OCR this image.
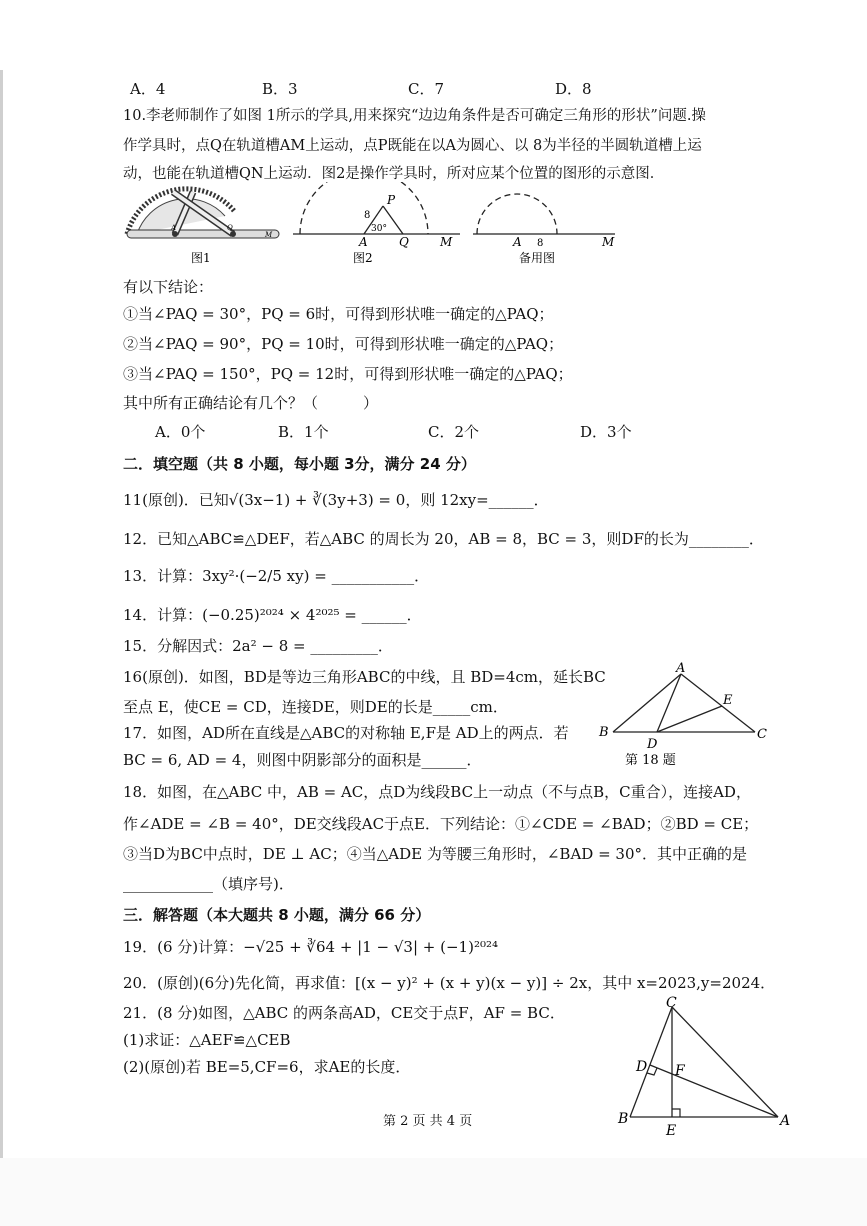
A．4	B．3	C．7	D．8
10.李老师制作了如图 1所示的学具,用来探究“边边角条件是否可确定三角形的形状”问题.操
作学具时，点Q在轨道槽AM上运动，点P既能在以A为圆心、以 8为半径的半圆轨道槽上运
动，也能在轨道槽QN上运动．图2是操作学具时，所对应某个位置的图形的示意图．
A	Q
M
图1
P
A	Q	M
8
30°
图2
A 8	M
备用图
有以下结论：
①当∠PAQ = 30°，PQ = 6时，可得到形状唯一确定的△PAQ；
②当∠PAQ = 90°，PQ = 10时，可得到形状唯一确定的△PAQ；
③当∠PAQ = 150°，PQ = 12时，可得到形状唯一确定的△PAQ；
其中所有正确结论有几个？（　　　）
A．0个	B．1个	C．2个	D．3个
二．填空题（共 8 小题，每小题 3分，满分 24 分）
11(原创)．已知√(3x−1) + ∛(3y+3) = 0，则 12xy=______．
12．已知△ABC≌△DEF，若△ABC 的周长为 20，AB = 8，BC = 3，则DF的长为________．
13．计算：3xy²·(−2/5 xy) = ___________．
14．计算：(−0.25)²⁰²⁴ × 4²⁰²⁵ = ______．
15．分解因式：2a² − 8 = _________．
16(原创)．如图，BD是等边三角形ABC的中线，且 BD=4cm，延长BC
至点 E，使CE = CD，连接DE，则DE的长是_____cm．
17．如图，AD所在直线是△ABC的对称轴 E,F是 AD上的两点．若
BC = 6, AD = 4，则图中阴影部分的面积是______．
A
B	C
D
E
第 18 题
18．如图，在△ABC 中，AB = AC，点D为线段BC上一动点（不与点B，C重合），连接AD，
作∠ADE = ∠B = 40°，DE交线段AC于点E．下列结论：①∠CDE = ∠BAD；②BD = CE；
③当D为BC中点时，DE ⊥ AC；④当△ADE 为等腰三角形时，∠BAD = 30°．其中正确的是
____________（填序号)．
三．解答题（本大题共 8 小题，满分 66 分）
19．(6 分)计算：−√25 + ∛64 + |1 − √3| + (−1)²⁰²⁴
20．(原创)(6分)先化简，再求值：[(x − y)² + (x + y)(x − y)] ÷ 2x，其中 x=2023,y=2024．
21．(8 分)如图，△ABC 的两条高AD，CE交于点F，AF = BC．
(1)求证：△AEF≌△CEB
(2)(原创)若 BE=5,CF=6，求AE的长度．
C
B	A
D F
E
第 2 页 共 4 页
